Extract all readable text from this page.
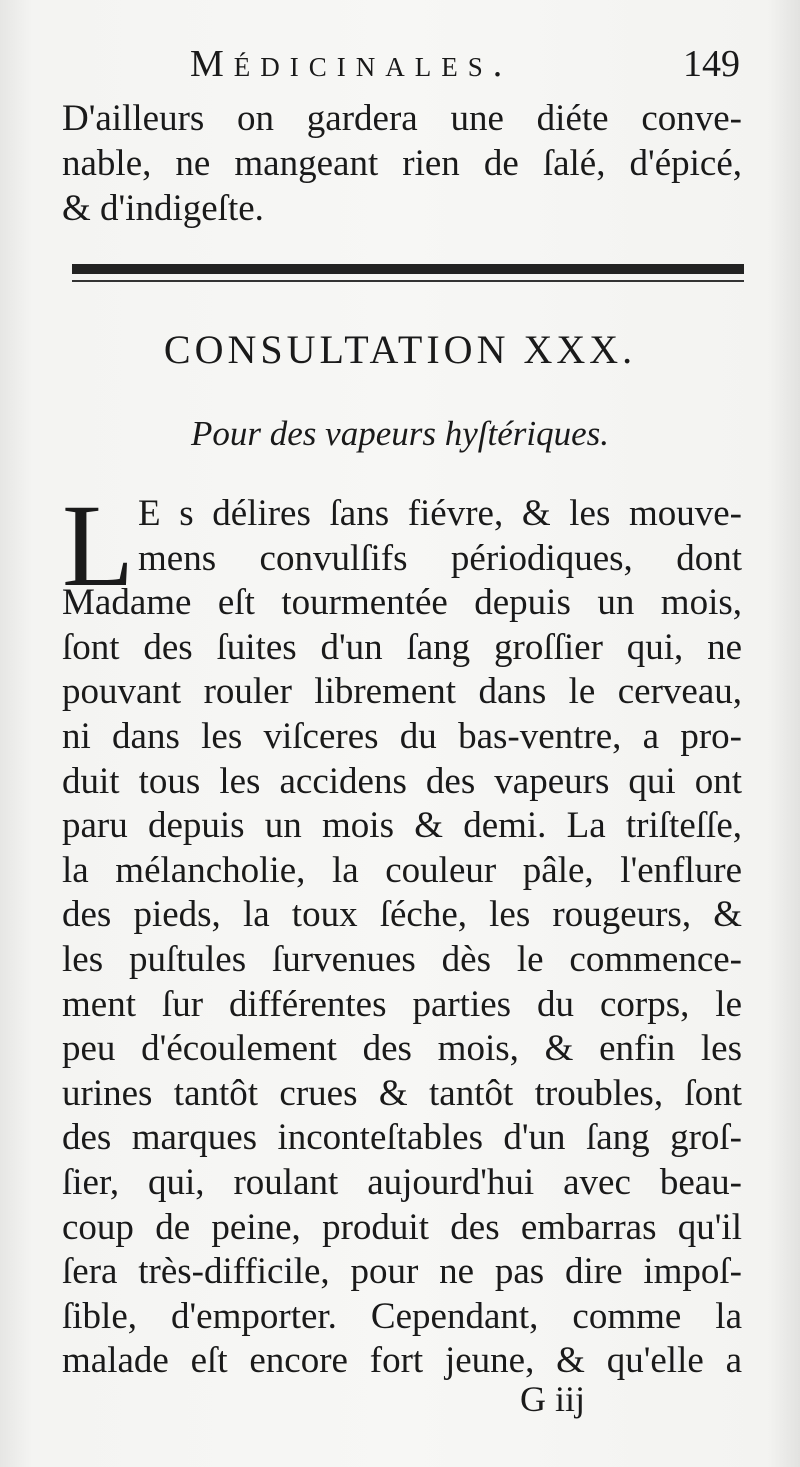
Médicinales.	149
D'ailleurs on gardera une diéte conve-
nable, ne mangeant rien de ſalé, d'épicé,
& d'indigeſte.
CONSULTATION XXX.
Pour des vapeurs hyſtériques.
L E s délires ſans fiévre, & les mouve-
mens convulſifs périodiques, dont
Madame eſt tourmentée depuis un mois,
ſont des ſuites d'un ſang groſſier qui, ne
pouvant rouler librement dans le cerveau,
ni dans les viſceres du bas-ventre, a pro-
duit tous les accidens des vapeurs qui ont
paru depuis un mois & demi. La triſteſſe,
la mélancholie, la couleur pâle, l'enflure
des pieds, la toux ſéche, les rougeurs, &
les puſtules ſurvenues dès le commence-
ment ſur différentes parties du corps, le
peu d'écoulement des mois, & enfin les
urines tantôt crues & tantôt troubles, ſont
des marques inconteſtables d'un ſang groſ-
ſier, qui, roulant aujourd'hui avec beau-
coup de peine, produit des embarras qu'il
ſera très-difficile, pour ne pas dire impoſ-
ſible, d'emporter. Cependant, comme la
malade eſt encore fort jeune, & qu'elle a
G iij
